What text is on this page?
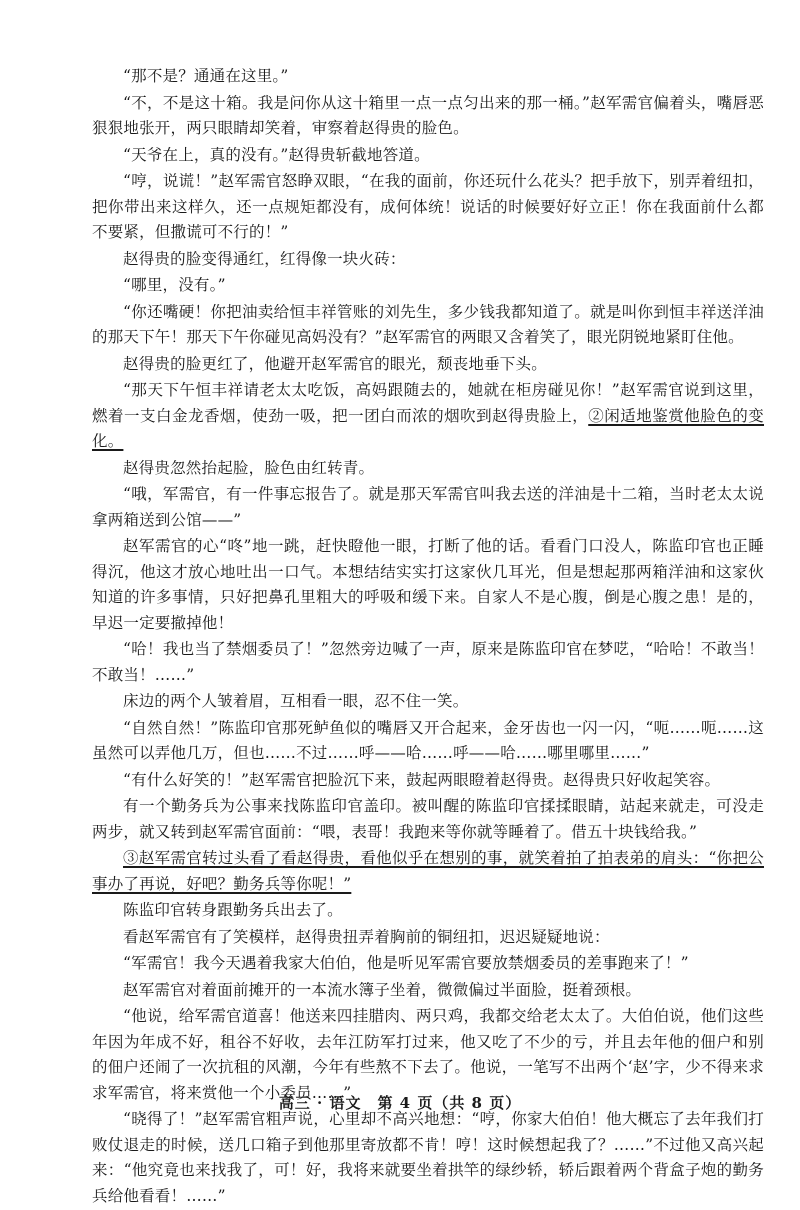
“那不是？通通在这里。”

“不，不是这十箱。我是问你从这十箱里一点一点匀出来的那一桶。”赵军需官偏着头，嘴唇恶狠狠地张开，两只眼睛却笑着，审察着赵得贵的脸色。

“天爷在上，真的没有。”赵得贵斩截地答道。

“哼，说谎！”赵军需官怒睁双眼，“在我的面前，你还玩什么花头？把手放下，别弄着纽扣，把你带出来这样久，还一点规矩都没有，成何体统！说话的时候要好好立正！你在我面前什么都不要紧，但撒谎可不行的！”

赵得贵的脸变得通红，红得像一块火砖：

“哪里，没有。”

“你还嘴硬！你把油卖给恒丰祥管账的刘先生，多少钱我都知道了。就是叫你到恒丰祥送洋油的那天下午！那天下午你碰见高妈没有？”赵军需官的两眼又含着笑了，眼光阴锐地紧盯住他。

赵得贵的脸更红了，他避开赵军需官的眼光，颓丧地垂下头。

“那天下午恒丰祥请老太太吃饭，高妈跟随去的，她就在柜房碰见你！”赵军需官说到这里，燃着一支白金龙香烟，使劲一吸，把一团白而浓的烟吹到赵得贵脸上，②闲适地鉴赏他脸色的变化。

赵得贵忽然抬起脸，脸色由红转青。

“哦，军需官，有一件事忘报告了。就是那天军需官叫我去送的洋油是十二箱，当时老太太说拿两箱送到公馆——”

赵军需官的心“咚”地一跳，赶快瞪他一眼，打断了他的话。看看门口没人，陈监印官也正睡得沉，他这才放心地吐出一口气。本想结结实实打这家伙几耳光，但是想起那两箱洋油和这家伙知道的许多事情，只好把鼻孔里粗大的呼吸和缓下来。自家人不是心腹，倒是心腹之患！是的，早迟一定要撤掉他！

“哈！我也当了禁烟委员了！”忽然旁边喊了一声，原来是陈监印官在梦呓，“哈哈！不敢当！不敢当！……”

床边的两个人皱着眉，互相看一眼，忍不住一笑。

“自然自然！”陈监印官那死鲈鱼似的嘴唇又开合起来，金牙齿也一闪一闪，“呃……呃……这虽然可以弄他几万，但也……不过……呼——哈……呼——哈……哪里哪里……”

“有什么好笑的！”赵军需官把脸沉下来，鼓起两眼瞪着赵得贵。赵得贵只好收起笑容。

有一个勤务兵为公事来找陈监印官盖印。被叫醒的陈监印官揉揉眼睛，站起来就走，可没走两步，就又转到赵军需官面前：“喂，表哥！我跑来等你就等睡着了。借五十块钱给我。”

③赵军需官转过头看了看赵得贵，看他似乎在想别的事，就笑着拍了拍表弟的肩头：“你把公事办了再说，好吧？勤务兵等你呢！”

陈监印官转身跟勤务兵出去了。

看赵军需官有了笑模样，赵得贵扭弄着胸前的铜纽扣，迟迟疑疑地说：

“军需官！我今天遇着我家大伯伯，他是听见军需官要放禁烟委员的差事跑来了！”

赵军需官对着面前摊开的一本流水簿子坐着，微微偏过半面脸，挺着颈根。

“他说，给军需官道喜！他送来四挂腊肉、两只鸡，我都交给老太太了。大伯伯说，他们这些年因为年成不好，租谷不好收，去年江防军打过来，他又吃了不少的亏，并且去年他的佃户和别的佃户还闹了一次抗租的风潮，今年有些熬不下去了。他说，一笔写不出两个‘赵’字，少不得来求求军需官，将来赏他一个小委员……”

“晓得了！”赵军需官粗声说，心里却不高兴地想：“哼，你家大伯伯！他大概忘了去年我们打败仗退走的时候，送几口箱子到他那里寄放都不肯！哼！这时候想起我了？……”不过他又高兴起来：“他究竟也来找我了，可！好，我将来就要坐着拱竿的绿纱轿，轿后跟着两个背盒子炮的勤务兵给他看看！……”

高三 · 语文　第 4 页（共 8 页）
